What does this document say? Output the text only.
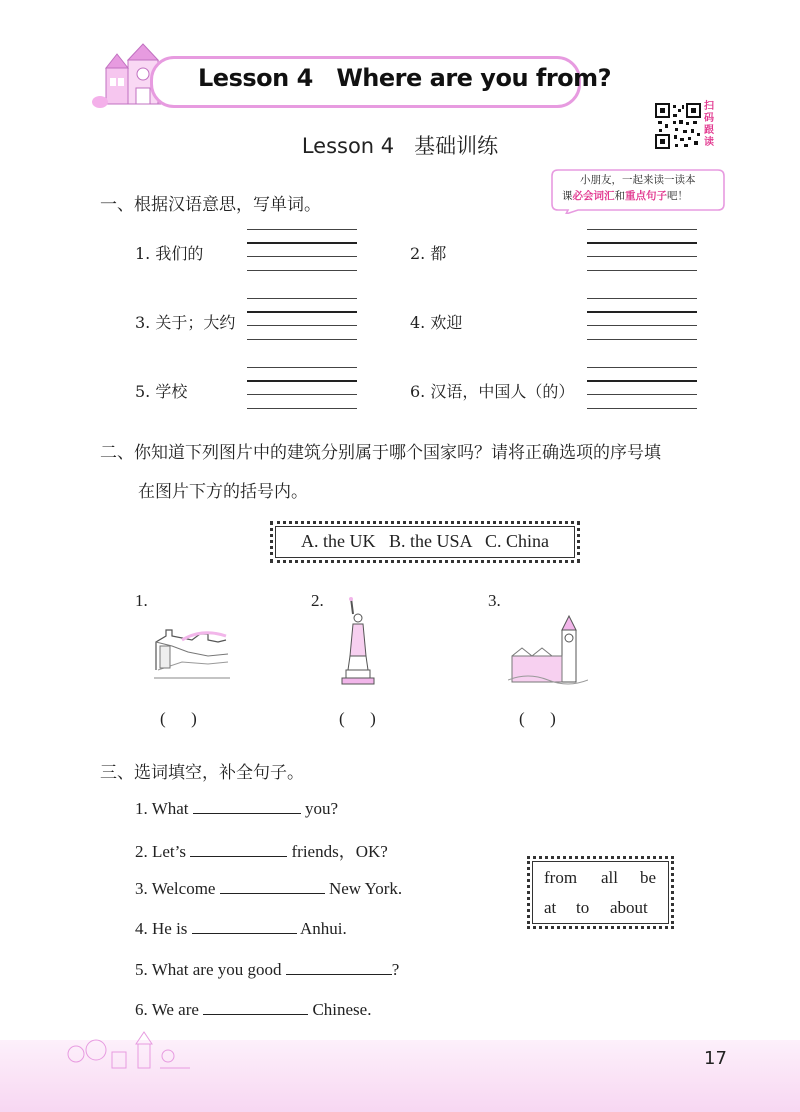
Lesson 4   Where are you from?
扫码跟读
Lesson 4   基础训练
小朋友，一起来读一读本
课必会词汇和重点句子吧！
一、根据汉语意思，写单词。
1. 我们的	2. 都
3. 关于；大约	4. 欢迎
5. 学校	6. 汉语，中国人（的）
二、你知道下列图片中的建筑分别属于哪个国家吗？请将正确选项的序号填
在图片下方的括号内。
A. the UK   B. the USA   C. China
1.
(      )
2.
(      )
3.
(      )
三、选词填空，补全句子。
1. What	you?
2. Let’s	friends，OK?
3. Welcome	New York.
4. He is	Anhui.
5. What are you good	?
6. We are	Chinese.
from all be
at to about
17
